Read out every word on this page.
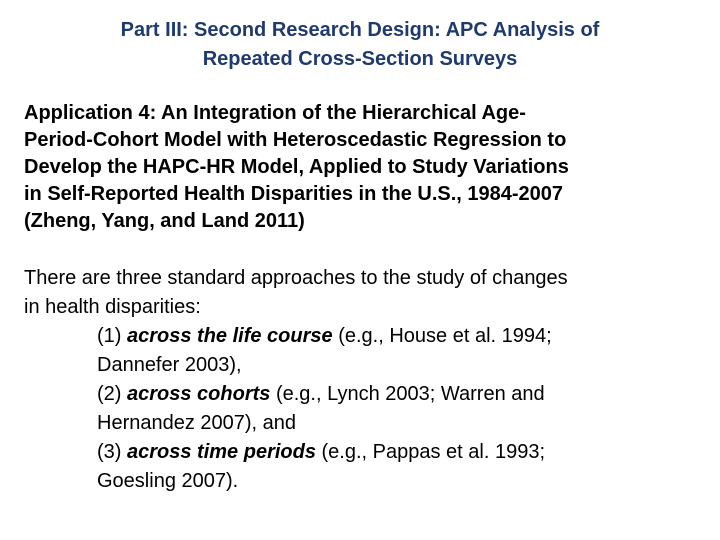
Part III: Second Research Design: APC Analysis of
Repeated Cross-Section Surveys
Application 4: An Integration of the Hierarchical Age-
Period-Cohort Model with Heteroscedastic Regression to
Develop the HAPC-HR Model, Applied to Study Variations
in Self-Reported Health Disparities in the U.S., 1984-2007
(Zheng, Yang, and Land 2011)
There are three standard approaches to the study of changes
in health disparities:
(1) across the life course (e.g., House et al. 1994;
Dannefer 2003),
(2) across cohorts (e.g., Lynch 2003; Warren and
Hernandez 2007), and
(3) across time periods (e.g., Pappas et al. 1993;
Goesling 2007).
